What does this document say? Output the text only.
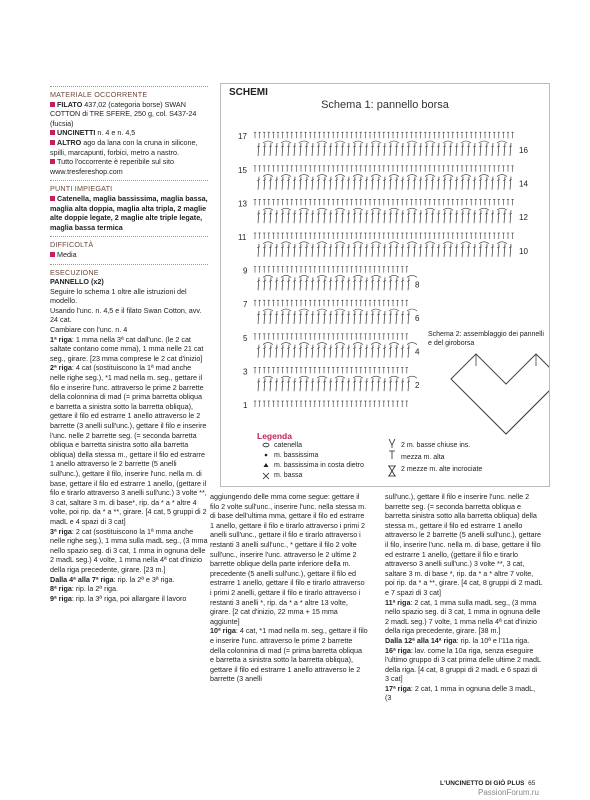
MATERIALE OCCORRENTE

FILATO 437,02 (categoria borse) SWAN COTTON di TRE SFERE, 250 g, col. S437-24 (fucsia)

UNCINETTI n. 4 e n. 4,5

ALTRO ago da lana con la cruna in silicone, spilli, marcapunti, forbici, metro a nastro.

Tutto l'occorrente è reperibile sul sito www.tresfereshop.com

PUNTI IMPIEGATI

Catenella, maglia bassissima, maglia bassa, maglia alta doppia, maglia alta tripla, 2 maglie alte doppie legate, 2 maglie alte triple legate, maglia bassa termica

DIFFICOLTÀ

Media

ESECUZIONE

PANNELLO (x2)

Seguire lo schema 1 oltre alle istruzioni del modello.

Usando l'unc. n. 4,5 e il filato Swan Cotton, avv. 24 cat.

Cambiare con l'unc. n. 4

1ª riga: 1 mma nella 3ª cat dall'unc. (le 2 cat saltate contano come mma), 1 mma nelle 21 cat seg., girare. [23 mma comprese le 2 cat d'inizio]

2ª riga: 4 cat (sostituiscono la 1ª mad anche nelle righe seg.), *1 mad nella m. seg., gettare il filo e inserire l'unc. attraverso le prime 2 barrette della colonnina di mad (= prima barretta obliqua e barretta a sinistra sotto la barretta obliqua), gettare il filo ed estrarre 1 anello attraverso le 2 barrette (3 anelli sull'unc.), gettare il filo e inserire l'unc. nelle 2 barrette seg. (= seconda barretta obliqua e barretta sinistra sotto alla barretta obliqua) della stessa m., gettare il filo ed estrarre 1 anello attraverso le 2 barrette (5 anelli sull'unc.), gettare il filo, inserire l'unc. nella m. di base, gettare il filo ed estrarre 1 anello, (gettare il filo e tirarlo attraverso 3 anelli sull'unc.) 3 volte **, 3 cat, saltare 3 m. di base*, rip. da * a * altre 4 volte, poi rip. da * a **, girare. [4 cat, 5 gruppi di 2 madL e 4 spazi di 3 cat]

3ª riga: 2 cat (sostituiscono la 1ª mma anche nelle righe seg.), 1 mma sulla madL seg., (3 mma nello spazio seg. di 3 cat, 1 mma in ognuna delle 2 madL seg.) 4 volte, 1 mma nella 4ª cat d'inizio della riga precedente, girare. [23 m.]

Dalla 4ª alla 7ª riga: rip. la 2ª e 3ª riga.

8ª riga: rip. la 2ª riga.

9ª riga: rip. la 3ª riga, poi allargare il lavoro

SCHEMI
Schema 1: pannello borsa
17
15
13
11
9
7
5
3
1
16
14
12
10
8
6
4
2
Schema 2: assemblaggio dei pannelli e del giroborsa
Legenda
catenella
m. bassissima
m. bassissima in costa dietro
m. bassa
2 m. basse chiuse ins.
mezza m. alta
2 mezze m. alte incrociate

aggiungendo delle mma come segue: gettare il filo 2 volte sull'unc., inserire l'unc. nella stessa m. di base dell'ultima mma, gettare il filo ed estrarre 1 anello, gettare il filo e tirarlo attraverso i primi 2 anelli sull'unc., gettare il filo e tirarlo attraverso i restanti 3 anelli sull'unc., * gettare il filo 2 volte sull'unc., inserire l'unc. attraverso le 2 ultime 2 barrette oblique della parte inferiore della m. precedente (5 anelli sull'unc.), gettare il filo ed estrarre 1 anello, gettare il filo e tirarlo attraverso i primi 2 anelli, gettare il filo e tirarlo attraverso i restanti 3 anelli *, rip. da * a * altre 13 volte, girare. [2 cat d'inizio, 22 mma + 15 mma aggiunte]

10ª riga: 4 cat, *1 mad nella m. seg., gettare il filo e inserire l'unc. attraverso le prime 2 barrette della colonnina di mad (= prima barretta obliqua e barretta a sinistra sotto la barretta obliqua), gettare il filo ed estrarre 1 anello attraverso le 2 barrette (3 anelli

sull'unc.), gettare il filo e inserire l'unc. nelle 2 barrette seg. (= seconda barretta obliqua e barretta sinistra sotto alla barretta obliqua) della stessa m., gettare il filo ed estrarre 1 anello attraverso le 2 barrette (5 anelli sull'unc.), gettare il filo, inserire l'unc. nella m. di base, gettare il filo ed estrarre 1 anello, (gettare il filo e tirarlo attraverso 3 anelli sull'unc.) 3 volte **, 3 cat, saltare 3 m. di base *, rip. da * a * altre 7 volte, poi rip. da * a **, girare. [4 cat, 8 gruppi di 2 madL e 7 spazi di 3 cat]

11ª riga: 2 cat, 1 mma sulla madL seg., (3 mma nello spazio seg. di 3 cat, 1 mma in ognuna delle 2 madL seg.) 7 volte, 1 mma nella 4ª cat d'inizio della riga precedente, girare. [38 m.]

Dalla 12ª alla 14ª riga: rip. la 10ª e l'11a riga.

16ª riga: lav. come la 10a riga, senza eseguire l'ultimo gruppo di 3 cat prima delle ultime 2 madL della riga. [4 cat, 8 gruppi di 2 madL e 6 spazi di 3 cat]

17ª riga: 2 cat, 1 mma in ognuna delle 3 madL, (3

L'UNCINETTO DI GIÒ PLUS 65
PassionForum.ru
